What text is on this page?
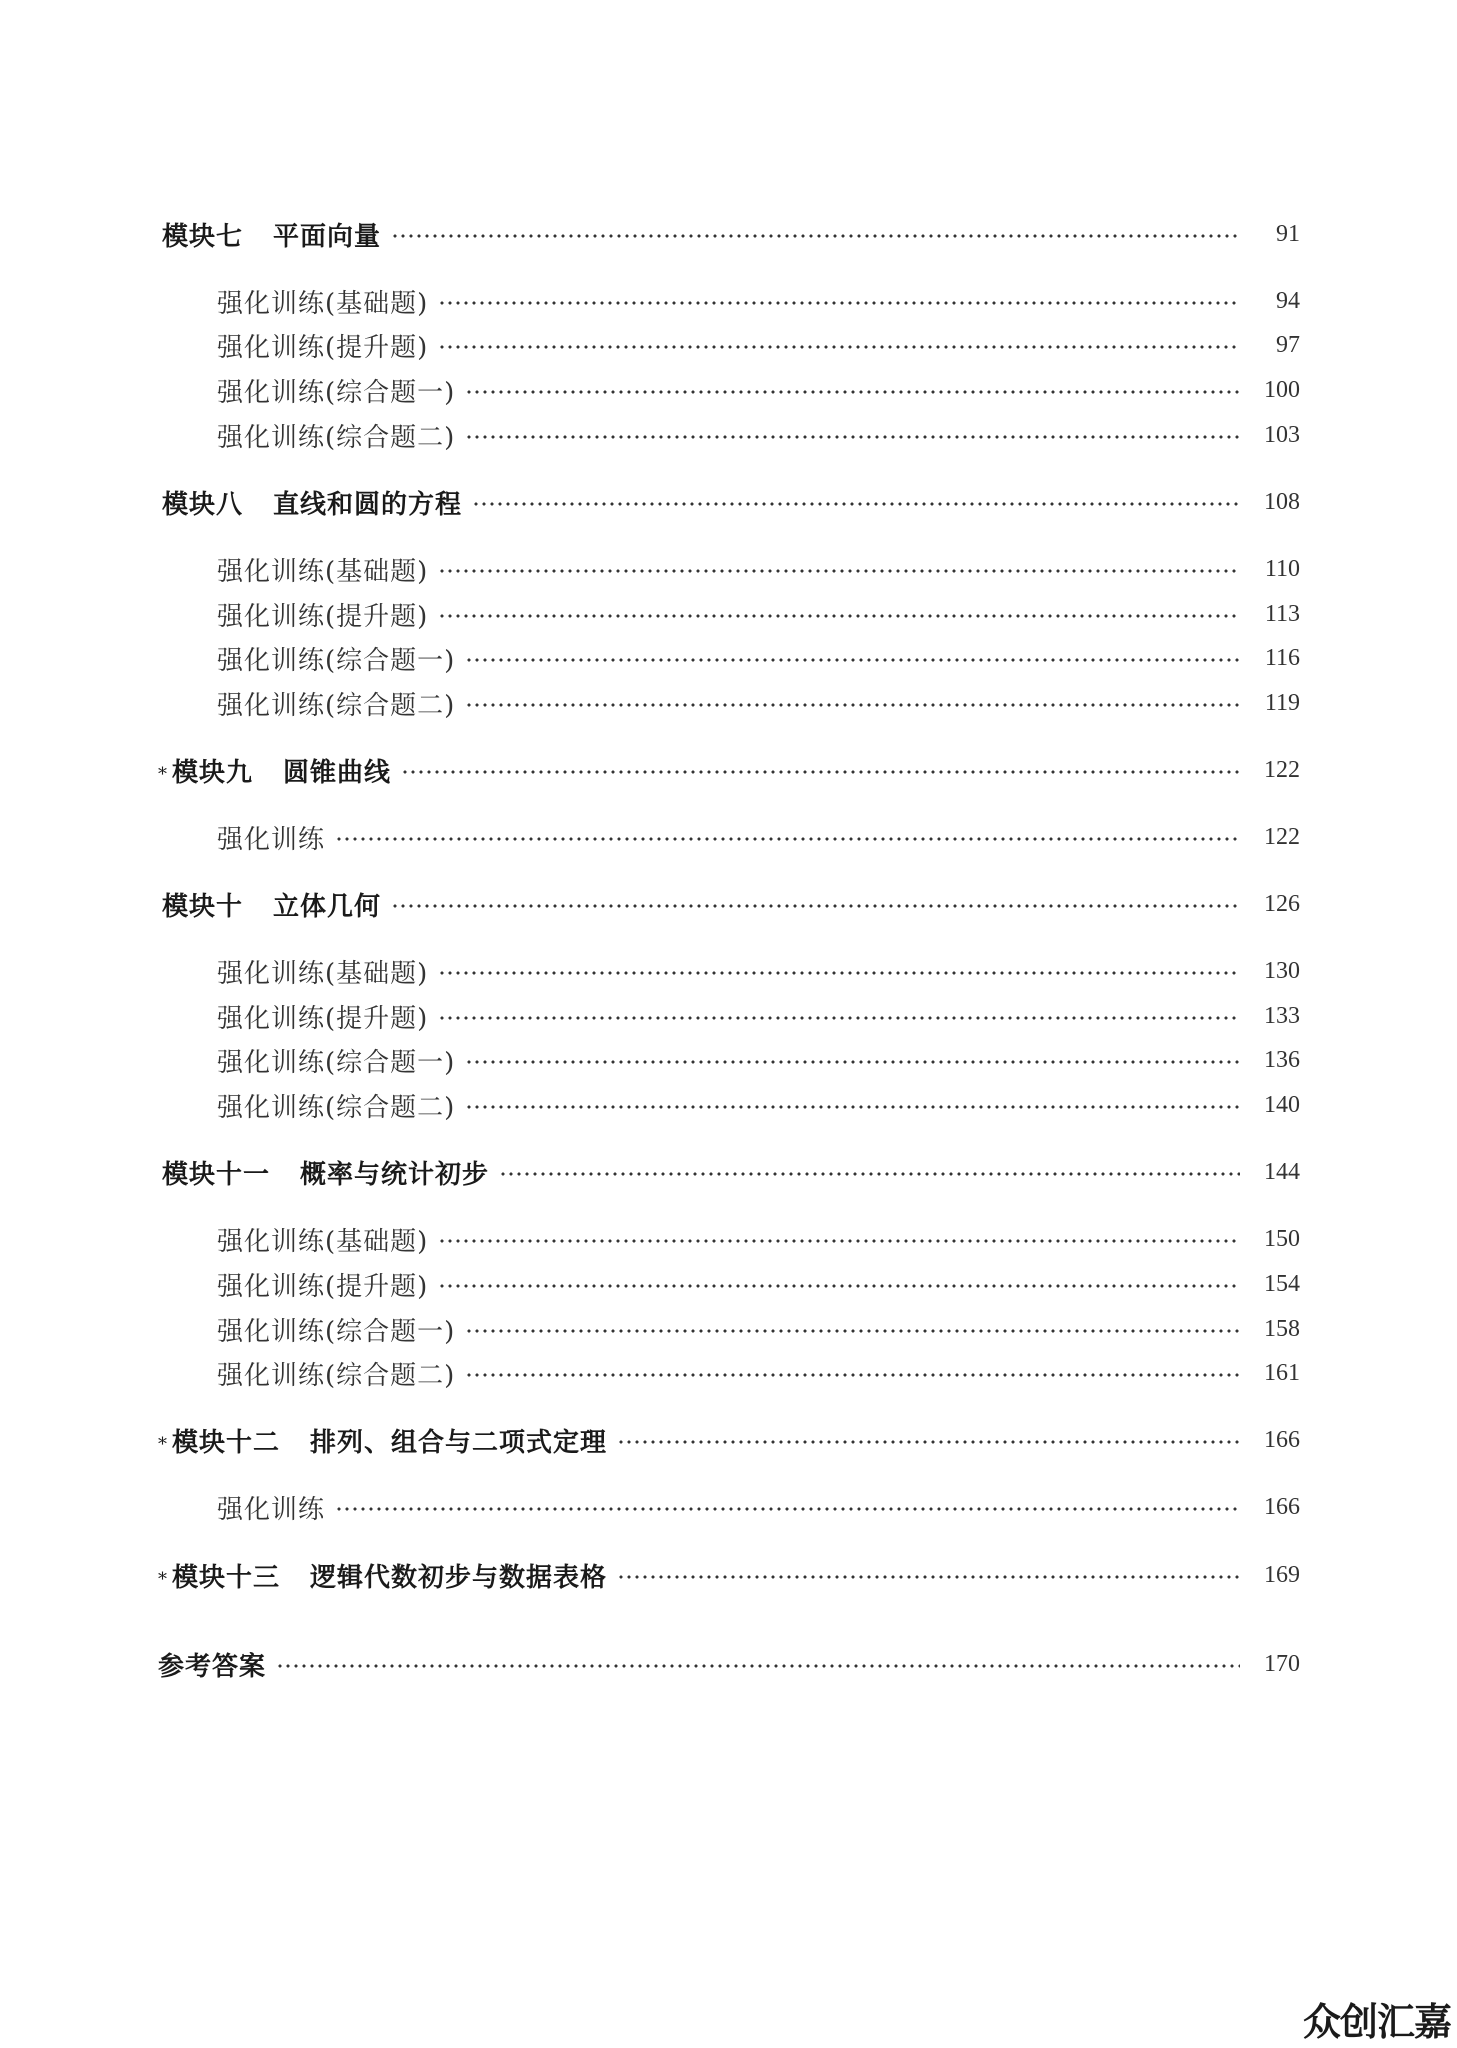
模块七 平面向量	91
强化训练(基础题)	94
强化训练(提升题)	97
强化训练(综合题一)	100
强化训练(综合题二)	103
模块八 直线和圆的方程	108
强化训练(基础题)	110
强化训练(提升题)	113
强化训练(综合题一)	116
强化训练(综合题二)	119
* 模块九 圆锥曲线	122
强化训练	122
模块十 立体几何	126
强化训练(基础题)	130
强化训练(提升题)	133
强化训练(综合题一)	136
强化训练(综合题二)	140
模块十一 概率与统计初步	144
强化训练(基础题)	150
强化训练(提升题)	154
强化训练(综合题一)	158
强化训练(综合题二)	161
* 模块十二 排列、组合与二项式定理	166
强化训练	166
* 模块十三 逻辑代数初步与数据表格	169
参考答案	170
众创汇嘉
